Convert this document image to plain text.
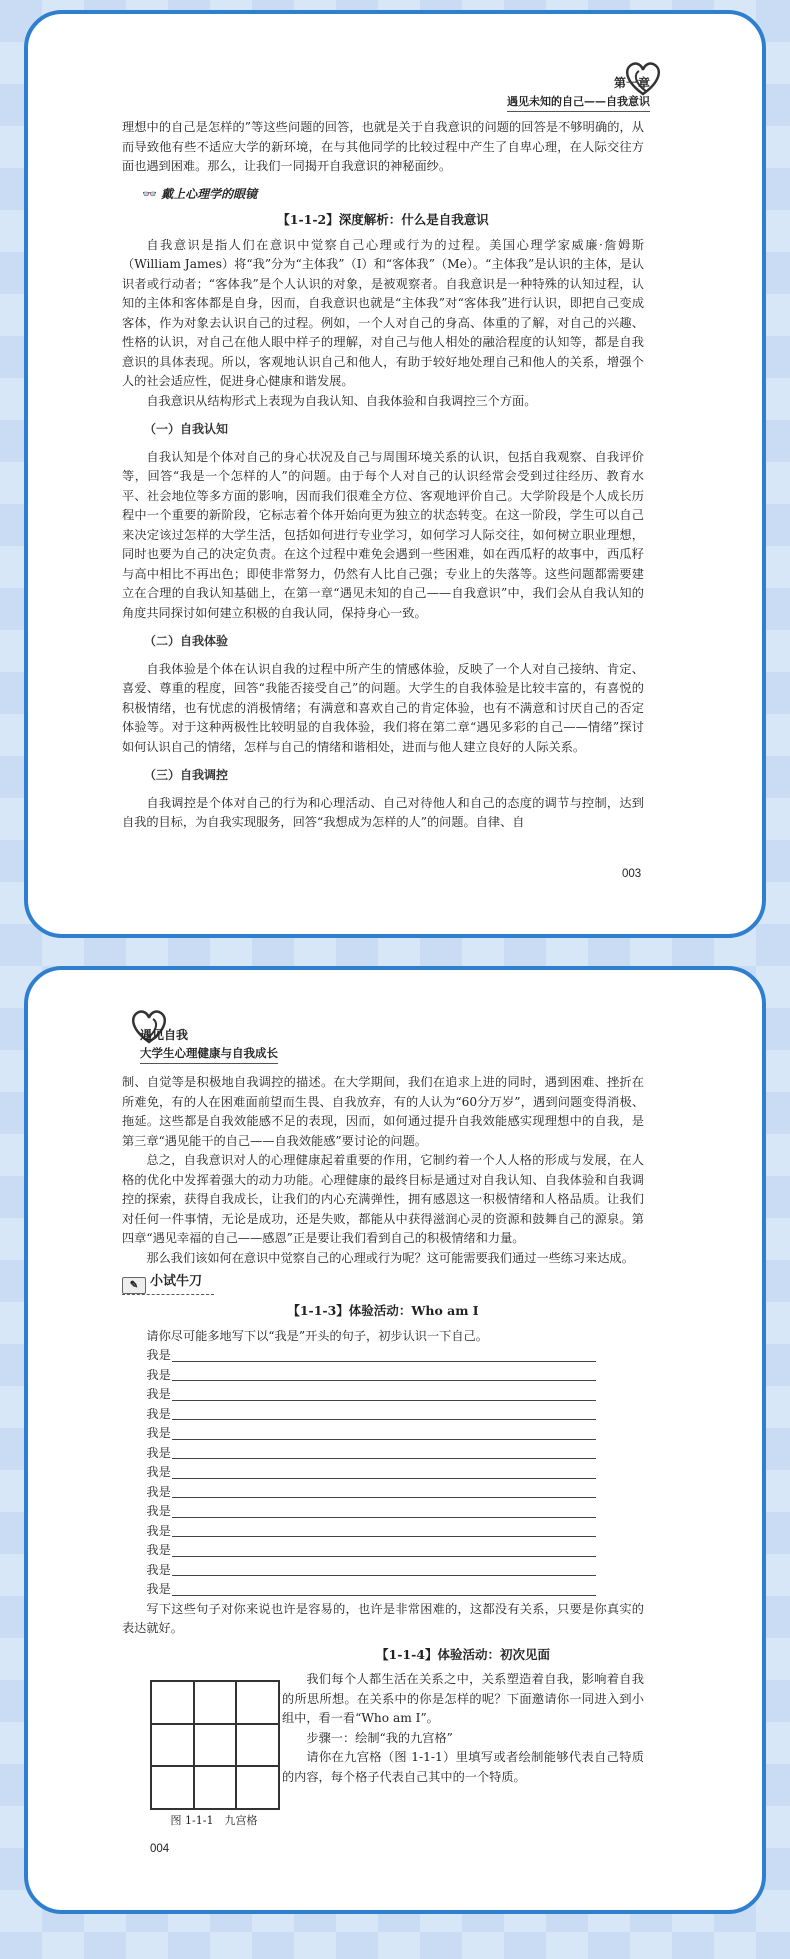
第一章
遇见未知的自己——自我意识

理想中的自己是怎样的”等这些问题的回答，也就是关于自我意识的问题的回答是不够明确的，从而导致他有些不适应大学的新环境，在与其他同学的比较过程中产生了自卑心理，在人际交往方面也遇到困难。那么，让我们一同揭开自我意识的神秘面纱。

👓 戴上心理学的眼镜
【1-1-2】深度解析：什么是自我意识

自我意识是指人们在意识中觉察自己心理或行为的过程。美国心理学家威廉·詹姆斯（William James）将“我”分为“主体我”（I）和“客体我”（Me）。“主体我”是认识的主体，是认识者或行动者；“客体我”是个人认识的对象，是被观察者。自我意识是一种特殊的认知过程，认知的主体和客体都是自身，因而，自我意识也就是“主体我”对“客体我”进行认识，即把自己变成客体，作为对象去认识自己的过程。例如，一个人对自己的身高、体重的了解，对自己的兴趣、性格的认识，对自己在他人眼中样子的理解，对自己与他人相处的融洽程度的认知等，都是自我意识的具体表现。所以，客观地认识自己和他人，有助于较好地处理自己和他人的关系，增强个人的社会适应性，促进身心健康和谐发展。

自我意识从结构形式上表现为自我认知、自我体验和自我调控三个方面。

（一）自我认知

自我认知是个体对自己的身心状况及自己与周围环境关系的认识，包括自我观察、自我评价等，回答“我是一个怎样的人”的问题。由于每个人对自己的认识经常会受到过往经历、教育水平、社会地位等多方面的影响，因而我们很难全方位、客观地评价自己。大学阶段是个人成长历程中一个重要的新阶段，它标志着个体开始向更为独立的状态转变。在这一阶段，学生可以自己来决定该过怎样的大学生活，包括如何进行专业学习，如何学习人际交往，如何树立职业理想，同时也要为自己的决定负责。在这个过程中难免会遇到一些困难，如在西瓜籽的故事中，西瓜籽与高中相比不再出色；即使非常努力，仍然有人比自己强；专业上的失落等。这些问题都需要建立在合理的自我认知基础上，在第一章“遇见未知的自己——自我意识”中，我们会从自我认知的角度共同探讨如何建立积极的自我认同，保持身心一致。

（二）自我体验

自我体验是个体在认识自我的过程中所产生的情感体验，反映了一个人对自己接纳、肯定、喜爱、尊重的程度，回答“我能否接受自己”的问题。大学生的自我体验是比较丰富的，有喜悦的积极情绪，也有忧虑的消极情绪；有满意和喜欢自己的肯定体验，也有不满意和讨厌自己的否定体验等。对于这种两极性比较明显的自我体验，我们将在第二章“遇见多彩的自己——情绪”探讨如何认识自己的情绪，怎样与自己的情绪和谐相处，进而与他人建立良好的人际关系。

（三）自我调控

自我调控是个体对自己的行为和心理活动、自己对待他人和自己的态度的调节与控制，达到自我的目标，为自我实现服务，回答“我想成为怎样的人”的问题。自律、自

003
遇见自我
大学生心理健康与自我成长

制、自觉等是积极地自我调控的描述。在大学期间，我们在追求上进的同时，遇到困难、挫折在所难免，有的人在困难面前望而生畏、自我放弃，有的人认为“60分万岁”，遇到问题变得消极、拖延。这些都是自我效能感不足的表现，因而，如何通过提升自我效能感实现理想中的自我，是第三章“遇见能干的自己——自我效能感”要讨论的问题。

总之，自我意识对人的心理健康起着重要的作用，它制约着一个人人格的形成与发展，在人格的优化中发挥着强大的动力功能。心理健康的最终目标是通过对自我认知、自我体验和自我调控的探索，获得自我成长，让我们的内心充满弹性，拥有感恩这一积极情绪和人格品质。让我们对任何一件事情，无论是成功，还是失败，都能从中获得滋润心灵的资源和鼓舞自己的源泉。第四章“遇见幸福的自己——感恩”正是要让我们看到自己的积极情绪和力量。

那么我们该如何在意识中觉察自己的心理或行为呢？这可能需要我们通过一些练习来达成。

✎ 小试牛刀
【1-1-3】体验活动：Who am I

请你尽可能多地写下以“我是”开头的句子，初步认识一下自己。

我是
我是
我是
我是
我是
我是
我是
我是
我是
我是
我是
我是
我是

写下这些句子对你来说也许是容易的，也许是非常困难的，这都没有关系，只要是你真实的表达就好。

【1-1-4】体验活动：初次见面

我们每个人都生活在关系之中，关系塑造着自我，影响着自我的所思所想。在关系中的你是怎样的呢？下面邀请你一同进入到小组中，看一看“Who am I”。

步骤一：绘制“我的九宫格”

请你在九宫格（图 1-1-1）里填写或者绘制能够代表自己特质的内容，每个格子代表自己其中的一个特质。

图 1-1-1　九宫格
004
